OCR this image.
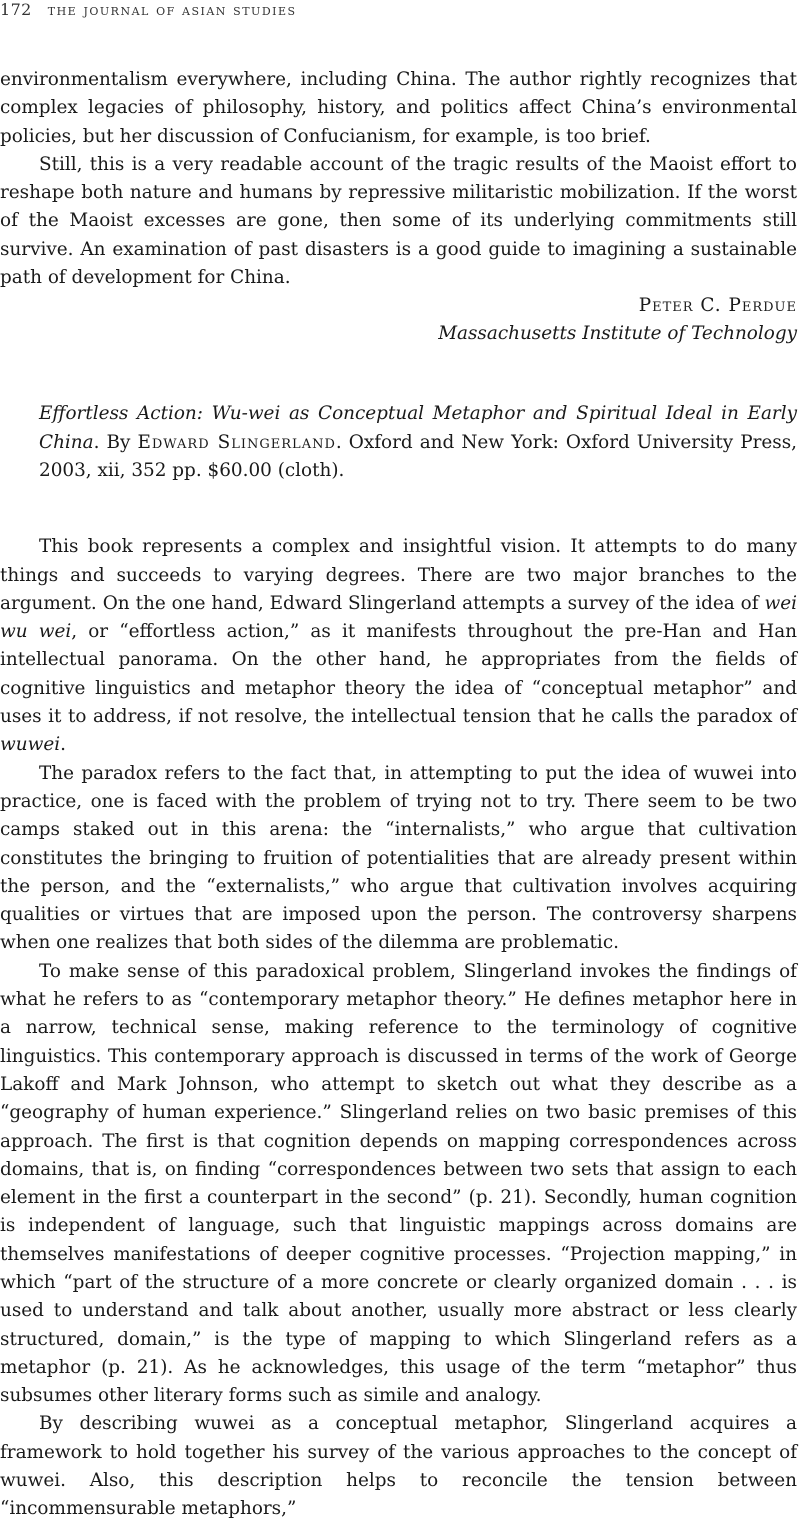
172 the journal of asian studies

environmentalism everywhere, including China. The author rightly recognizes that complex legacies of philosophy, history, and politics affect China’s environmental policies, but her discussion of Confucianism, for example, is too brief.

Still, this is a very readable account of the tragic results of the Maoist effort to reshape both nature and humans by repressive militaristic mobilization. If the worst of the Maoist excesses are gone, then some of its underlying commitments still survive. An examination of past disasters is a good guide to imagining a sustainable path of development for China.

Peter C. Perdue
Massachusetts Institute of Technology
Effortless Action: Wu-wei as Conceptual Metaphor and Spiritual Ideal in Early China. By Edward Slingerland. Oxford and New York: Oxford University Press, 2003, xii, 352 pp. $60.00 (cloth).

This book represents a complex and insightful vision. It attempts to do many things and succeeds to varying degrees. There are two major branches to the argument. On the one hand, Edward Slingerland attempts a survey of the idea of wei wu wei, or “effortless action,” as it manifests throughout the pre-Han and Han intellectual panorama. On the other hand, he appropriates from the fields of cognitive linguistics and metaphor theory the idea of “conceptual metaphor” and uses it to address, if not resolve, the intellectual tension that he calls the paradox of wuwei.

The paradox refers to the fact that, in attempting to put the idea of wuwei into practice, one is faced with the problem of trying not to try. There seem to be two camps staked out in this arena: the “internalists,” who argue that cultivation constitutes the bringing to fruition of potentialities that are already present within the person, and the “externalists,” who argue that cultivation involves acquiring qualities or virtues that are imposed upon the person. The controversy sharpens when one realizes that both sides of the dilemma are problematic.

To make sense of this paradoxical problem, Slingerland invokes the findings of what he refers to as “contemporary metaphor theory.” He defines metaphor here in a narrow, technical sense, making reference to the terminology of cognitive linguistics. This contemporary approach is discussed in terms of the work of George Lakoff and Mark Johnson, who attempt to sketch out what they describe as a “geography of human experience.” Slingerland relies on two basic premises of this approach. The first is that cognition depends on mapping correspondences across domains, that is, on finding “correspondences between two sets that assign to each element in the first a counterpart in the second” (p. 21). Secondly, human cognition is independent of language, such that linguistic mappings across domains are themselves manifestations of deeper cognitive processes. “Projection mapping,” in which “part of the structure of a more concrete or clearly organized domain . . . is used to understand and talk about another, usually more abstract or less clearly structured, domain,” is the type of mapping to which Slingerland refers as a metaphor (p. 21). As he acknowledges, this usage of the term “metaphor” thus subsumes other literary forms such as simile and analogy.

By describing wuwei as a conceptual metaphor, Slingerland acquires a framework to hold together his survey of the various approaches to the concept of wuwei. Also, this description helps to reconcile the tension between “incommensurable metaphors,”
